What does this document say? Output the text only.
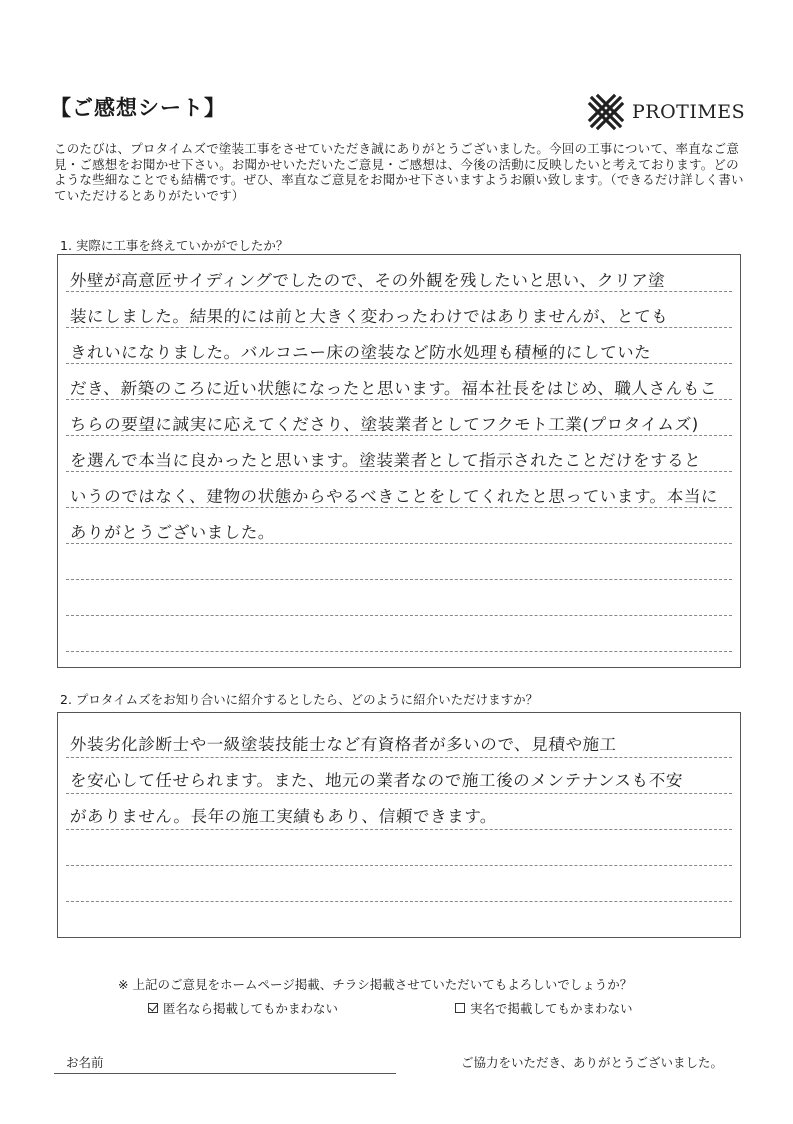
【ご感想シート】	PROTIMES
このたびは、プロタイムズで塗装工事をさせていただき誠にありがとうございました。今回の工事について、率直なご意見・ご感想をお聞かせ下さい。お聞かせいただいたご意見・ご感想は、今後の活動に反映したいと考えております。どのような些細なことでも結構です。ぜひ、率直なご意見をお聞かせ下さいますようお願い致します。（できるだけ詳しく書いていただけるとありがたいです）
1. 実際に工事を終えていかがでしたか？
外壁が高意匠サイディングでしたので、その外観を残したいと思い、クリア塗
装にしました。結果的には前と大きく変わったわけではありませんが、とても
きれいになりました。バルコニー床の塗装など防水処理も積極的にしていた
だき、新築のころに近い状態になったと思います。福本社長をはじめ、職人さんもこ
ちらの要望に誠実に応えてくださり、塗装業者としてフクモト工業(プロタイムズ)
を選んで本当に良かったと思います。塗装業者として指示されたことだけをすると
いうのではなく、建物の状態からやるべきことをしてくれたと思っています。本当に
ありがとうございました。
2. プロタイムズをお知り合いに紹介するとしたら、どのように紹介いただけますか？
外装劣化診断士や一級塗装技能士など有資格者が多いので、見積や施工
を安心して任せられます。また、地元の業者なので施工後のメンテナンスも不安
がありません。長年の施工実績もあり、信頼できます。
※ 上記のご意見をホームページ掲載、チラシ掲載させていただいてもよろしいでしょうか？
匿名なら掲載してもかまわない	実名で掲載してもかまわない
お名前	ご協力をいただき、ありがとうございました。
